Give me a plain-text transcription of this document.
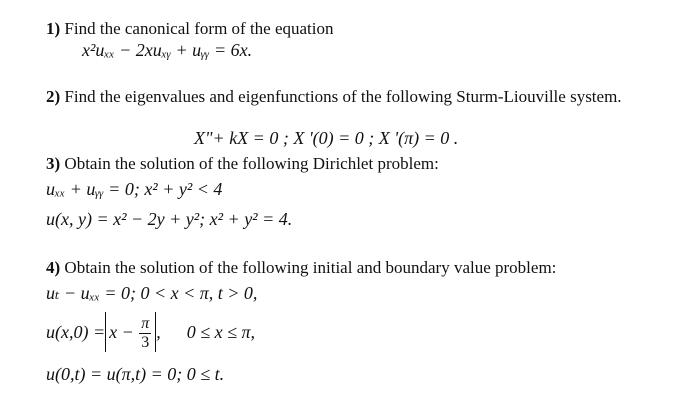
1) Find the canonical form of the equation
x²uₓₓ − 2xuₓᵧ + uᵧᵧ = 6x.
2) Find the eigenvalues and eigenfunctions of the following Sturm-Liouville system.
X"+ kX = 0 ; X '(0) = 0 ; X '(π) = 0 .
3) Obtain the solution of the following Dirichlet problem:
uₓₓ + uᵧᵧ = 0; x² + y² < 4
u(x, y) = x² − 2y + y²; x² + y² = 4.
4) Obtain the solution of the following initial and boundary value problem:
uₜ − uₓₓ = 0; 0 < x < π, t > 0,
$u(x,0) = x - \frac{\pi}{3}$ , 0 ≤ x ≤ π,
u(0,t) = u(π,t) = 0; 0 ≤ t.
